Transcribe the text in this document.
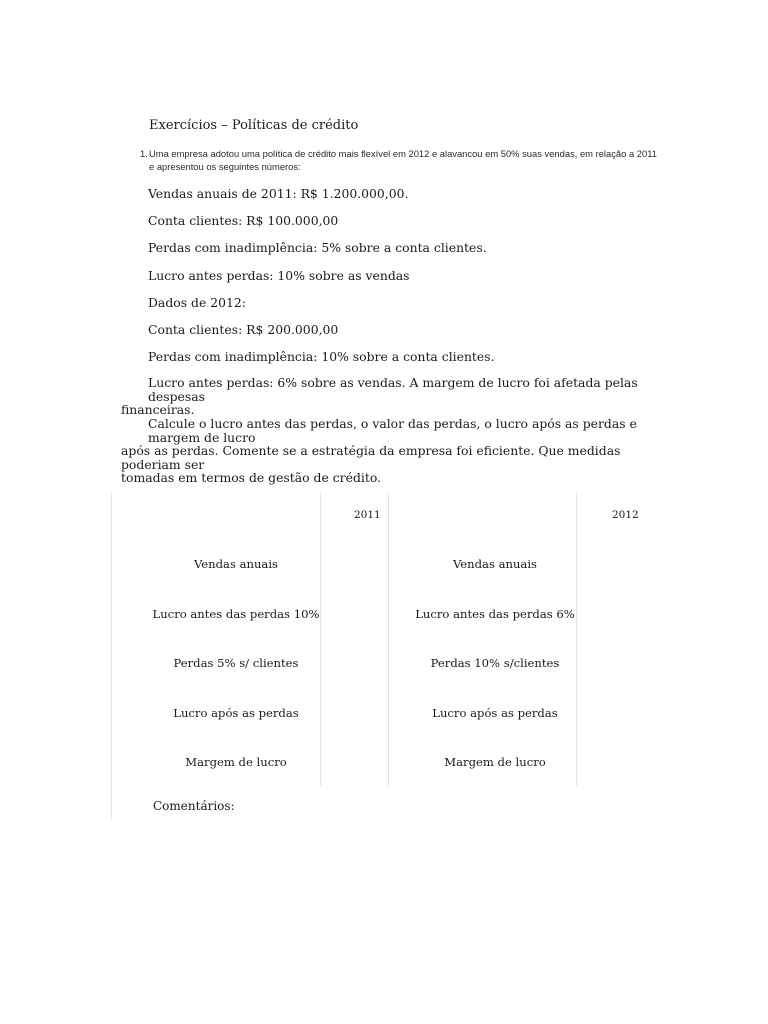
Exercícios – Políticas de crédito
1.Uma empresa adotou uma política de crédito mais flexível em 2012 e alavancou em 50% suas vendas, em relação a 2011
e apresentou os seguintes números:
Vendas anuais de 2011: R$ 1.200.000,00.
Conta clientes: R$ 100.000,00
Perdas com inadimplência: 5% sobre a conta clientes.
Lucro antes perdas: 10% sobre as vendas
Dados de 2012:
Conta clientes: R$ 200.000,00
Perdas com inadimplência: 10% sobre a conta clientes.
Lucro antes perdas: 6% sobre as vendas. A margem de lucro foi afetada pelas despesas
financeiras.
Calcule o lucro antes das perdas, o valor das perdas, o lucro após as perdas e margem de lucro
após as perdas. Comente se a estratégia da empresa foi eficiente. Que medidas poderiam ser
tomadas em termos de gestão de crédito.
2011
Vendas anuais
Lucro antes das perdas 10%
Perdas 5% s/ clientes
Lucro após as perdas
Margem de lucro
2012
Vendas anuais
Lucro antes das perdas 6%
Perdas 10% s/clientes
Lucro após as perdas
Margem de lucro
Comentários:
